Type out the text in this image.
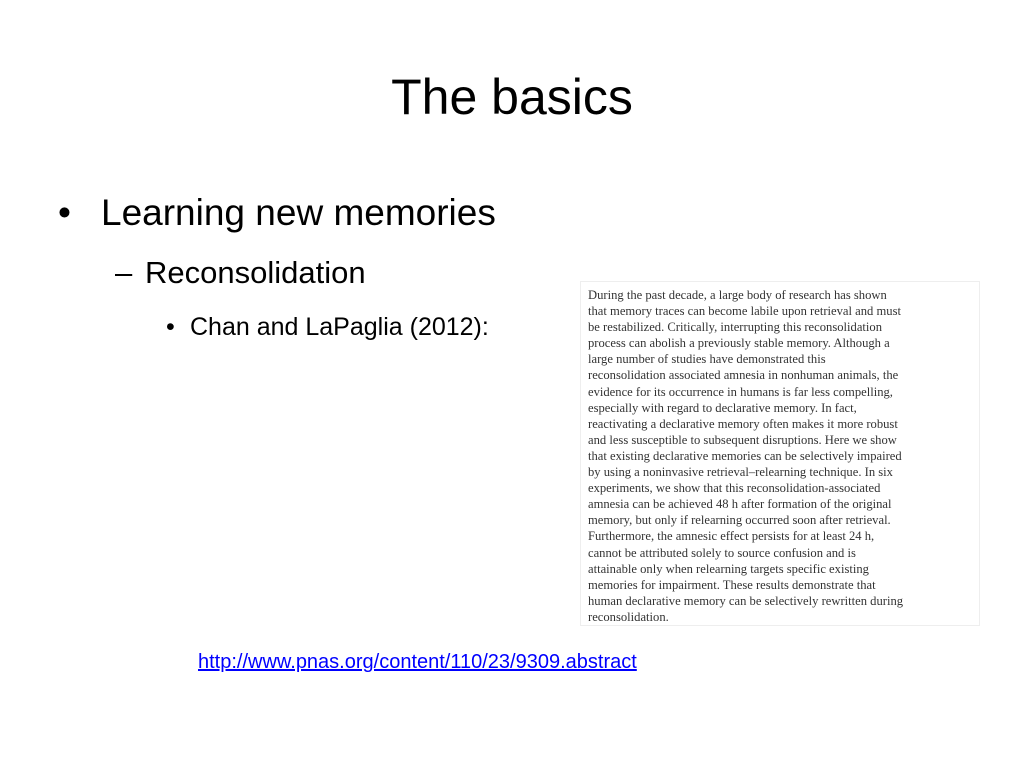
The basics
• Learning new memories
– Reconsolidation
• Chan and LaPaglia (2012):

During the past decade, a large body of research has shown
that memory traces can become labile upon retrieval and must
be restabilized. Critically, interrupting this reconsolidation
process can abolish a previously stable memory. Although a
large number of studies have demonstrated this
reconsolidation associated amnesia in nonhuman animals, the
evidence for its occurrence in humans is far less compelling,
especially with regard to declarative memory. In fact,
reactivating a declarative memory often makes it more robust
and less susceptible to subsequent disruptions. Here we show
that existing declarative memories can be selectively impaired
by using a noninvasive retrieval–relearning technique. In six
experiments, we show that this reconsolidation-associated
amnesia can be achieved 48 h after formation of the original
memory, but only if relearning occurred soon after retrieval.
Furthermore, the amnesic effect persists for at least 24 h,
cannot be attributed solely to source confusion and is
attainable only when relearning targets specific existing
memories for impairment. These results demonstrate that
human declarative memory can be selectively rewritten during
reconsolidation.

http://www.pnas.org/content/110/23/9309.abstract
